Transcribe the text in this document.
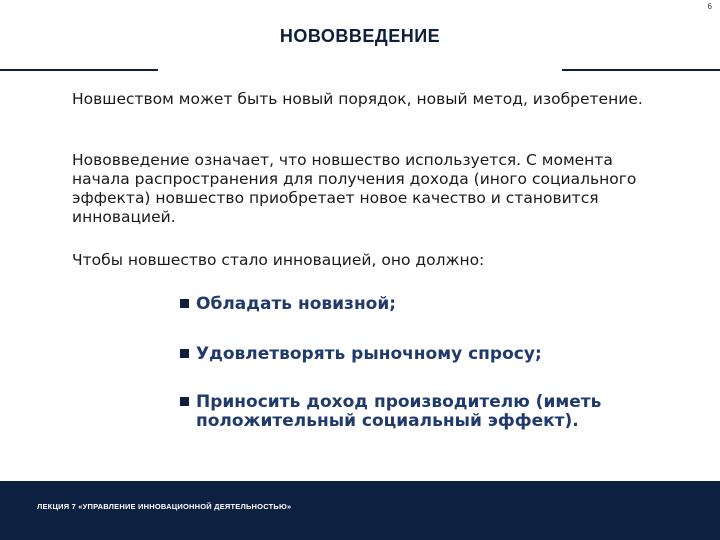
6
НОВОВВЕДЕНИЕ
Новшеством может быть новый порядок, новый метод, изобретение.
Нововведение означает, что новшество используется. С момента начала распространения для получения дохода (иного социального эффекта) новшество приобретает новое качество и становится инновацией.
Чтобы новшество стало инновацией, оно должно:
Обладать новизной;
Удовлетворять рыночному спросу;
Приносить доход производителю (иметь положительный социальный эффект).
ЛЕКЦИЯ 7 «УПРАВЛЕНИЕ ИННОВАЦИОННОЙ ДЕЯТЕЛЬНОСТЬЮ»
